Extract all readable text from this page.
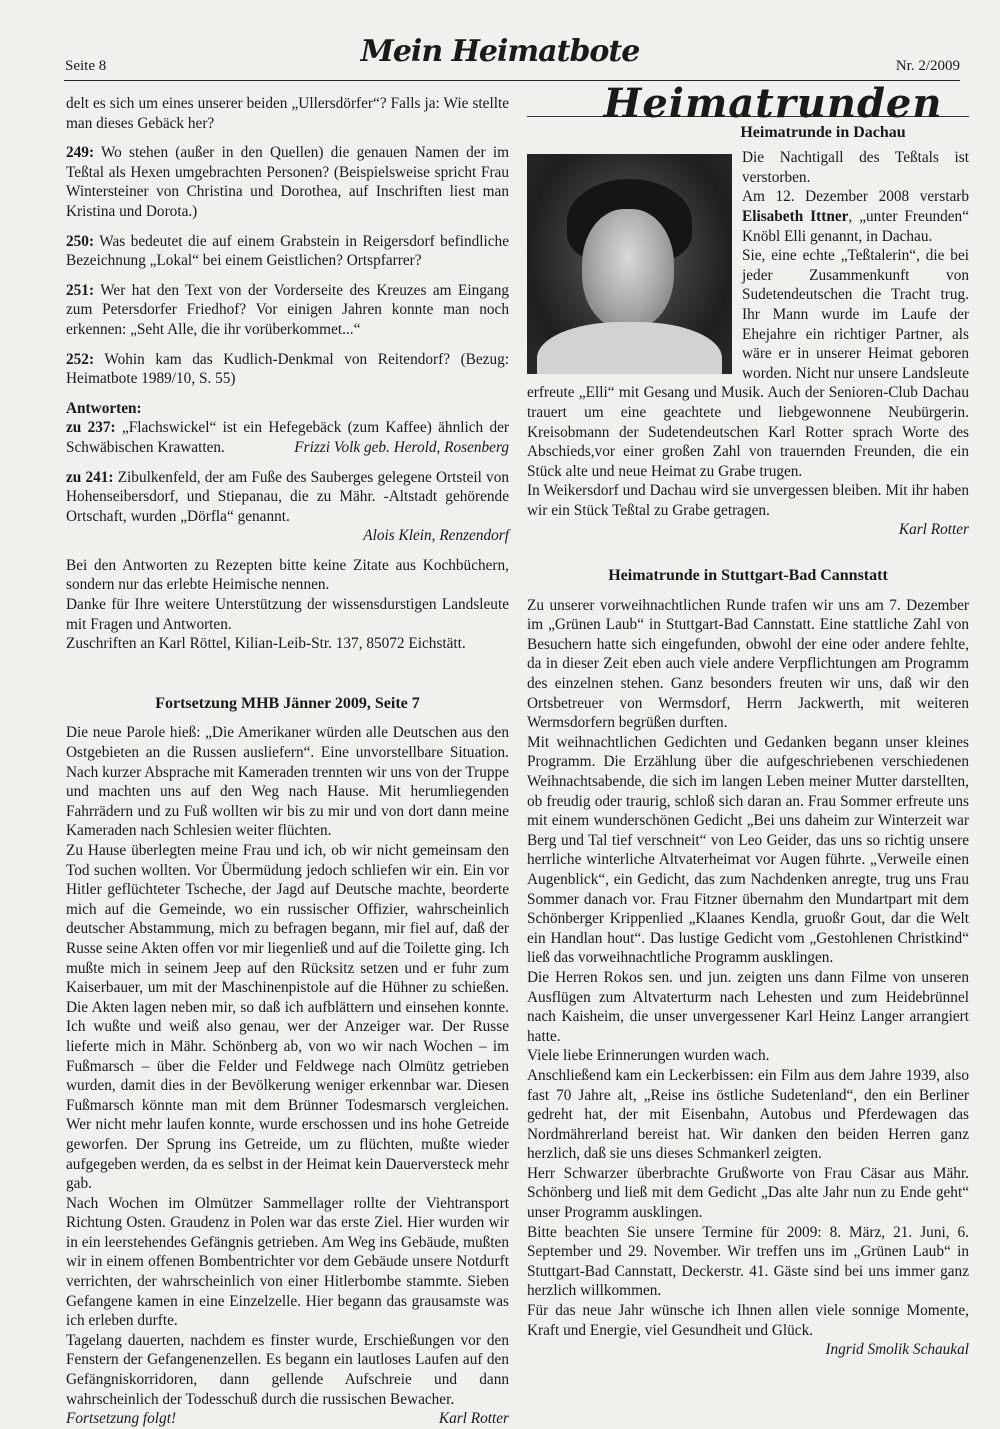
Seite 8	Mein Heimatbote	Nr. 2/2009

delt es sich um eines unserer beiden „Ullersdörfer“? Falls ja: Wie stellte man dieses Gebäck her?

249: Wo stehen (außer in den Quellen) die genauen Namen der im Teßtal als Hexen umgebrachten Personen? (Beispielsweise spricht Frau Wintersteiner von Christina und Dorothea, auf Inschriften liest man Kristina und Dorota.)

250: Was bedeutet die auf einem Grabstein in Reigersdorf befindliche Bezeichnung „Lokal“ bei einem Geistlichen? Ortspfarrer?

251: Wer hat den Text von der Vorderseite des Kreuzes am Eingang zum Petersdorfer Friedhof? Vor einigen Jahren konnte man noch erkennen: „Seht Alle, die ihr vorüberkommet...“

252: Wohin kam das Kudlich-Denkmal von Reitendorf? (Bezug: Heimatbote 1989/10, S. 55)

Antworten:

zu 237: „Flachswickel“ ist ein Hefegebäck (zum Kaffee) ähnlich der Schwäbischen Krawatten.	Frizzi Volk geb. Herold, Rosenberg

zu 241: Zibulkenfeld, der am Fuße des Sauberges gelegene Ortsteil von Hohenseibersdorf, und Stiepanau, die zu Mähr. -Altstadt gehörende Ortschaft, wurden „Dörfla“ genannt.

Alois Klein, Renzendorf

Bei den Antworten zu Rezepten bitte keine Zitate aus Kochbüchern, sondern nur das erlebte Heimische nennen.

Danke für Ihre weitere Unterstützung der wissensdurstigen Landsleute mit Fragen und Antworten.

Zuschriften an Karl Röttel, Kilian-Leib-Str. 137, 85072 Eichstätt.

Fortsetzung MHB Jänner 2009, Seite 7

Die neue Parole hieß: „Die Amerikaner würden alle Deutschen aus den Ostgebieten an die Russen ausliefern“. Eine unvorstellbare Situation. Nach kurzer Absprache mit Kameraden trennten wir uns von der Truppe und machten uns auf den Weg nach Hause. Mit herumliegenden Fahrrädern und zu Fuß wollten wir bis zu mir und von dort dann meine Kameraden nach Schlesien weiter flüchten.

Zu Hause überlegten meine Frau und ich, ob wir nicht gemeinsam den Tod suchen wollten. Vor Übermüdung jedoch schliefen wir ein. Ein vor Hitler geflüchteter Tscheche, der Jagd auf Deutsche machte, beorderte mich auf die Gemeinde, wo ein russischer Offizier, wahrscheinlich deutscher Abstammung, mich zu befragen begann, mir fiel auf, daß der Russe seine Akten offen vor mir liegenließ und auf die Toilette ging. Ich mußte mich in seinem Jeep auf den Rücksitz setzen und er fuhr zum Kaiserbauer, um mit der Maschinenpistole auf die Hühner zu schießen. Die Akten lagen neben mir, so daß ich aufblättern und einsehen konnte. Ich wußte und weiß also genau, wer der Anzeiger war. Der Russe lieferte mich in Mähr. Schönberg ab, von wo wir nach Wochen – im Fußmarsch – über die Felder und Feldwege nach Olmütz getrieben wurden, damit dies in der Bevölkerung weniger erkennbar war. Diesen Fußmarsch könnte man mit dem Brünner Todesmarsch vergleichen. Wer nicht mehr laufen konnte, wurde erschossen und ins hohe Getreide geworfen. Der Sprung ins Getreide, um zu flüchten, mußte wieder aufgegeben werden, da es selbst in der Heimat kein Dauerversteck mehr gab.

Nach Wochen im Olmützer Sammellager rollte der Viehtransport Richtung Osten. Graudenz in Polen war das erste Ziel. Hier wurden wir in ein leerstehendes Gefängnis getrieben. Am Weg ins Gebäude, mußten wir in einem offenen Bombentrichter vor dem Gebäude unsere Notdurft verrichten, der wahrscheinlich von einer Hitlerbombe stammte. Sieben Gefangene kamen in eine Einzelzelle. Hier begann das grausamste was ich erleben durfte.

Tagelang dauerten, nachdem es finster wurde, Erschießungen vor den Fenstern der Gefangenenzellen. Es begann ein lautloses Laufen auf den Gefängniskorridoren, dann gellende Aufschreie und dann wahrscheinlich der Todesschuß durch die russischen Bewacher.

Fortsetzung folgt!	Karl Rotter
Heimatrunden
Heimatrunde in Dachau

Die Nachtigall des Teßtals ist verstorben.

Am 12. Dezember 2008 verstarb Elisabeth Ittner, „unter Freunden“ Knöbl Elli genannt, in Dachau.

Sie, eine echte „Teßtalerin“, die bei jeder Zusammenkunft von Sudetendeutschen die Tracht trug. Ihr Mann wurde im Laufe der Ehejahre ein richtiger Partner, als wäre er in unserer Heimat geboren worden. Nicht nur unsere Landsleute erfreute „Elli“ mit Gesang und Musik. Auch der Senioren-Club Dachau trauert um eine geachtete und liebgewonnene Neubürgerin. Kreisobmann der Sudetendeutschen Karl Rotter sprach Worte des Abschieds,vor einer großen Zahl von trauernden Freunden, die ein Stück alte und neue Heimat zu Grabe trugen.

In Weikersdorf und Dachau wird sie unvergessen bleiben. Mit ihr haben wir ein Stück Teßtal zu Grabe getragen.

Karl Rotter

Heimatrunde in Stuttgart-Bad Cannstatt

Zu unserer vorweihnachtlichen Runde trafen wir uns am 7. Dezember im „Grünen Laub“ in Stuttgart-Bad Cannstatt. Eine stattliche Zahl von Besuchern hatte sich eingefunden, obwohl der eine oder andere fehlte, da in dieser Zeit eben auch viele andere Verpflichtungen am Programm des einzelnen stehen. Ganz besonders freuten wir uns, daß wir den Ortsbetreuer von Wermsdorf, Herrn Jackwerth, mit weiteren Wermsdorfern begrüßen durften.

Mit weihnachtlichen Gedichten und Gedanken begann unser kleines Programm. Die Erzählung über die aufgeschriebenen verschiedenen Weihnachtsabende, die sich im langen Leben meiner Mutter darstellten, ob freudig oder traurig, schloß sich daran an. Frau Sommer erfreute uns mit einem wunderschönen Gedicht „Bei uns daheim zur Winterzeit war Berg und Tal tief verschneit“ von Leo Geider, das uns so richtig unsere herrliche winterliche Altvaterheimat vor Augen führte. „Verweile einen Augenblick“, ein Gedicht, das zum Nachdenken anregte, trug uns Frau Sommer danach vor. Frau Fitzner übernahm den Mundartpart mit dem Schönberger Krippenlied „Klaanes Kendla, gruoßr Gout, dar die Welt ein Handlan hout“. Das lustige Gedicht vom „Gestohlenen Christkind“ ließ das vorweihnachtliche Programm ausklingen.

Die Herren Rokos sen. und jun. zeigten uns dann Filme von unseren Ausflügen zum Altvaterturm nach Lehesten und zum Heidebrünnel nach Kaisheim, die unser unvergessener Karl Heinz Langer arrangiert hatte.

Viele liebe Erinnerungen wurden wach.

Anschließend kam ein Leckerbissen: ein Film aus dem Jahre 1939, also fast 70 Jahre alt, „Reise ins östliche Sudetenland“, den ein Berliner gedreht hat, der mit Eisenbahn, Autobus und Pferdewagen das Nordmährerland bereist hat. Wir danken den beiden Herren ganz herzlich, daß sie uns dieses Schmankerl zeigten.

Herr Schwarzer überbrachte Grußworte von Frau Cäsar aus Mähr. Schönberg und ließ mit dem Gedicht „Das alte Jahr nun zu Ende geht“ unser Programm ausklingen.

Bitte beachten Sie unsere Termine für 2009: 8. März, 21. Juni, 6. September und 29. November. Wir treffen uns im „Grünen Laub“ in Stuttgart-Bad Cannstatt, Deckerstr. 41. Gäste sind bei uns immer ganz herzlich willkommen.

Für das neue Jahr wünsche ich Ihnen allen viele sonnige Momente, Kraft und Energie, viel Gesundheit und Glück.

Ingrid Smolik Schaukal
